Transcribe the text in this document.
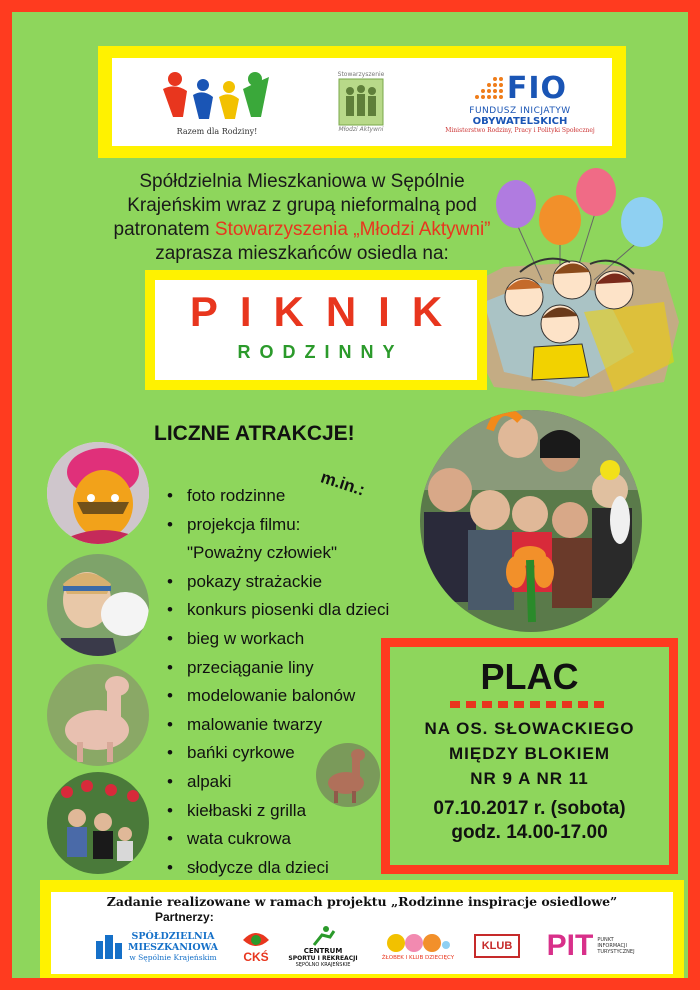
Razem dla Rodziny!
Stowarzyszenie
Młodzi Aktywni
FIO
FUNDUSZ INICJATYW
OBYWATELSKICH
Ministerstwo Rodziny, Pracy i Polityki Społecznej
Spółdzielnia Mieszkaniowa w Sępólnie
Krajeńskim wraz z grupą nieformalną pod
patronatem Stowarzyszenia „Młodzi Aktywni”
zaprasza mieszkańców osiedla na:
PIKNIK
RODZINNY
LICZNE ATRAKCJE!
m.in.:
• foto rodzinne
• projekcja filmu:
"Poważny człowiek"
• pokazy strażackie
• konkurs piosenki dla dzieci
• bieg w workach
• przeciąganie liny
• modelowanie balonów
• malowanie twarzy
• bańki cyrkowe
• alpaki
• kiełbaski z grilla
• wata cukrowa
• słodycze dla dzieci
PLAC
NA OS. SŁOWACKIEGO
MIĘDZY BLOKIEM
NR 9 A NR 11
07.10.2017 r. (sobota)
godz. 14.00-17.00
Zadanie realizowane w ramach projektu „Rodzinne inspiracje osiedlowe”
Partnerzy:
SPÓŁDZIELNIA
MIESZKANIOWA
w Sępólnie Krajeńskim CKŚ	CENTRUM
SPORTU I REKREACJI
SĘPÓLNO KRAJEŃSKIE
ŻŁOBEK I KLUB DZIECIĘCY
KLUB PIT PUNKT INFORMACJI TURYSTYCZNEJ
